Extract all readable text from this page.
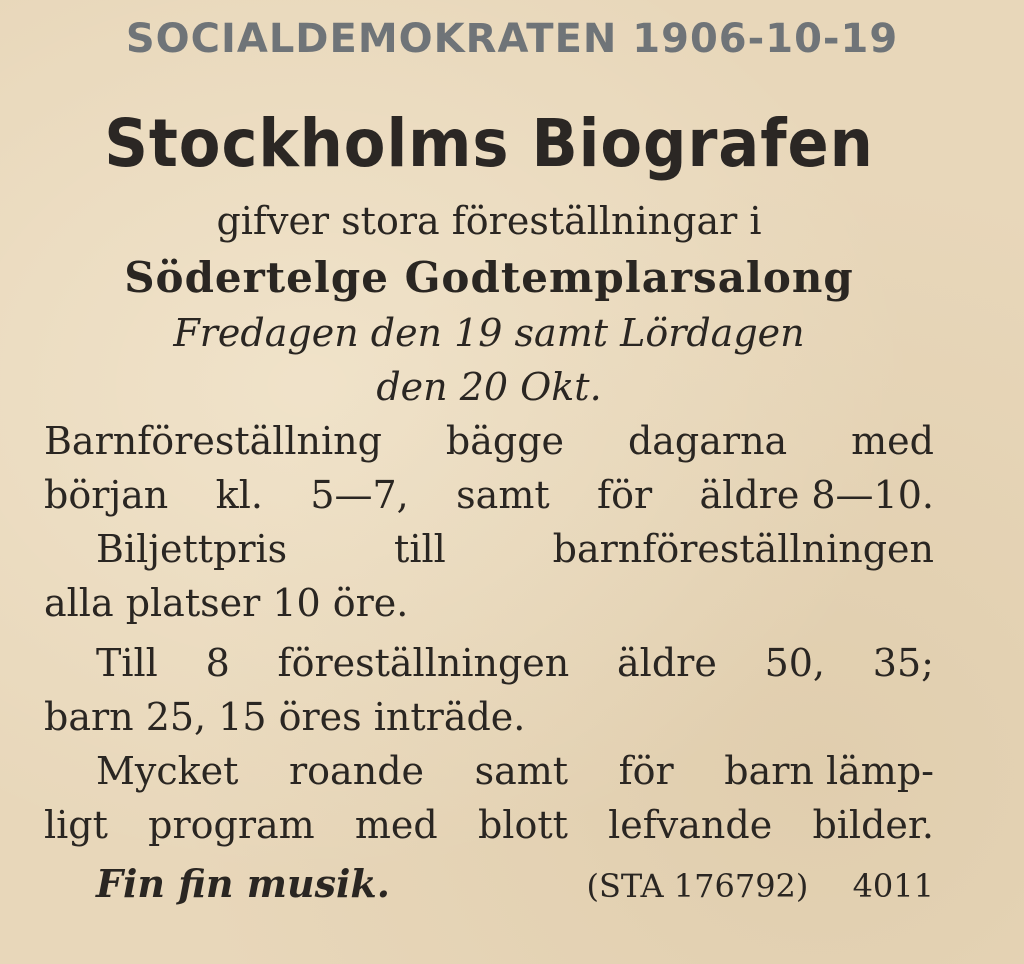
SOCIALDEMOKRATEN 1906-10-19

Stockholms Biografen

gifver stora föreställningar i

Södertelge Godtemplarsalong

Fredagen den 19 samt Lördagen

den 20 Okt.

Barnföreställning bägge dagarna med
början kl. 5—7, samt för äldre 8—10.
Biljettpris	till	barnföreställningen

alla platser 10 öre.

Till 8 föreställningen äldre 50, 35;

barn 25, 15 öres inträde.

Mycket roande samt för barn lämp-
ligt program med blott lefvande bilder.
Fin fin musik.	(STA 176792) 4011
